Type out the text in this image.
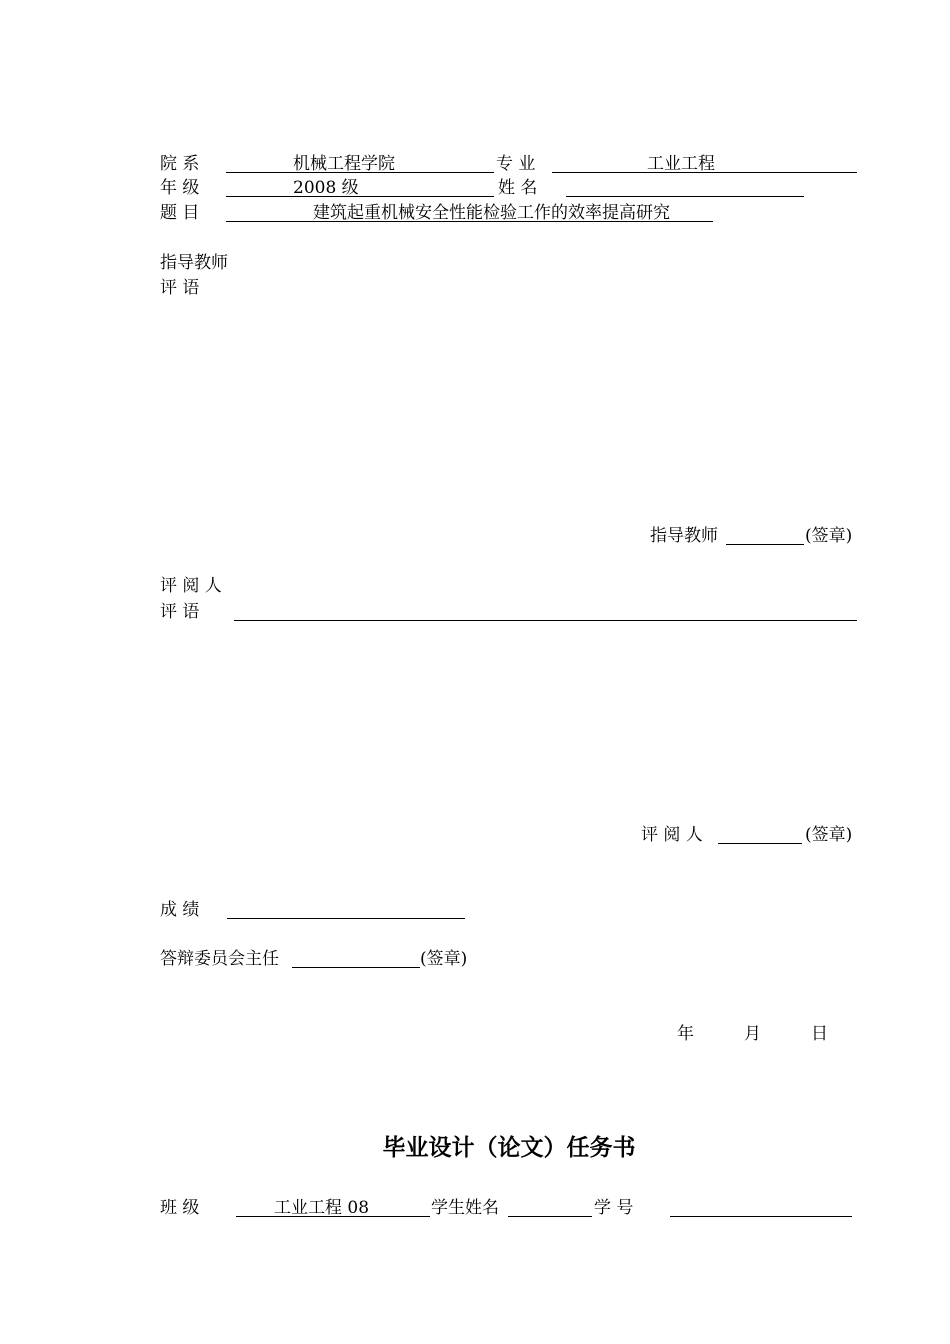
院 系	机械工程学院	专 业	工业工程
年 级	2008 级	姓 名
题 目	建筑起重机械安全性能检验工作的效率提高研究
指导教师
评 语
指导教师	(签章)
评 阅 人
评 语
评 阅 人	(签章)
成 绩
答辩委员会主任	(签章)
年	月	日
毕业设计（论文）任务书
班 级	工业工程 08	学生姓名	学 号
